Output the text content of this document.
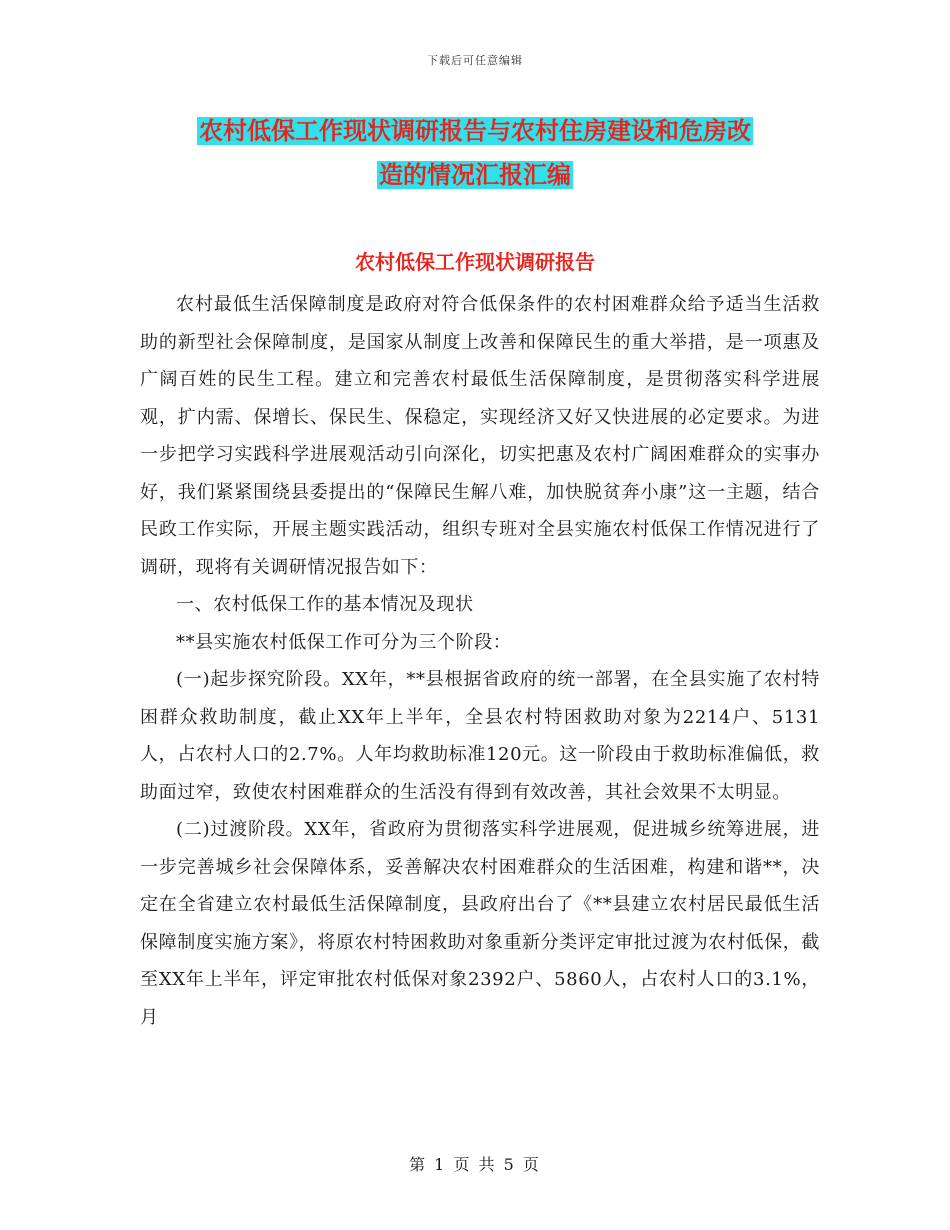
下载后可任意编辑
农村低保工作现状调研报告与农村住房建设和危房改
造的情况汇报汇编
农村低保工作现状调研报告

农村最低生活保障制度是政府对符合低保条件的农村困难群众给予适当生活救助的新型社会保障制度，是国家从制度上改善和保障民生的重大举措，是一项惠及广阔百姓的民生工程。建立和完善农村最低生活保障制度，是贯彻落实科学进展观，扩内需、保增长、保民生、保稳定，实现经济又好又快进展的必定要求。为进一步把学习实践科学进展观活动引向深化，切实把惠及农村广阔困难群众的实事办好，我们紧紧围绕县委提出的“保障民生解八难，加快脱贫奔小康”这一主题，结合民政工作实际，开展主题实践活动，组织专班对全县实施农村低保工作情况进行了调研，现将有关调研情况报告如下：

一、农村低保工作的基本情况及现状

**县实施农村低保工作可分为三个阶段：

(一)起步探究阶段。XX年，**县根据省政府的统一部署，在全县实施了农村特困群众救助制度，截止XX年上半年，全县农村特困救助对象为2214户、5131人，占农村人口的2.7%。人年均救助标准120元。这一阶段由于救助标准偏低，救助面过窄，致使农村困难群众的生活没有得到有效改善，其社会效果不太明显。

(二)过渡阶段。XX年，省政府为贯彻落实科学进展观，促进城乡统筹进展，进一步完善城乡社会保障体系，妥善解决农村困难群众的生活困难，构建和谐**，决定在全省建立农村最低生活保障制度，县政府出台了《**县建立农村居民最低生活保障制度实施方案》，将原农村特困救助对象重新分类评定审批过渡为农村低保，截至XX年上半年，评定审批农村低保对象2392户、5860人，占农村人口的3.1%，月

第 1 页 共 5 页
